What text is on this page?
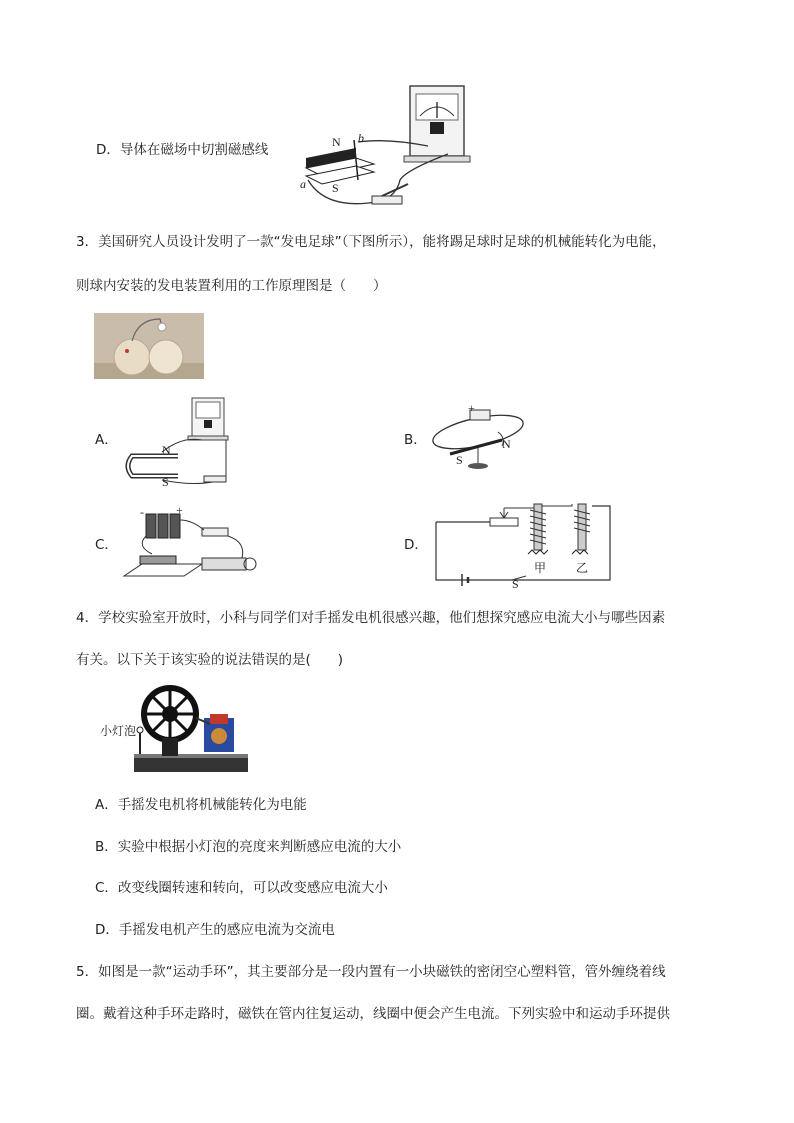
D．导体在磁场中切割磁感线	N b
a S
3．美国研究人员设计发明了一款“发电足球”（下图所示），能将踢足球时足球的机械能转化为电能，
则球内安装的发电装置利用的工作原理图是（　　）
A．
N
S
B．
+
N
S
C．
+
-
D．
甲 乙
S
4．学校实验室开放时，小科与同学们对手摇发电机很感兴趣，他们想探究感应电流大小与哪些因素
有关。以下关于该实验的说法错误的是(　　)
小灯泡
A．手摇发电机将机械能转化为电能
B．实验中根据小灯泡的亮度来判断感应电流的大小
C．改变线圈转速和转向，可以改变感应电流大小
D．手摇发电机产生的感应电流为交流电
5．如图是一款“运动手环”，其主要部分是一段内置有一小块磁铁的密闭空心塑料管，管外缠绕着线
圈。戴着这种手环走路时，磁铁在管内往复运动，线圈中便会产生电流。下列实验中和运动手环提供
